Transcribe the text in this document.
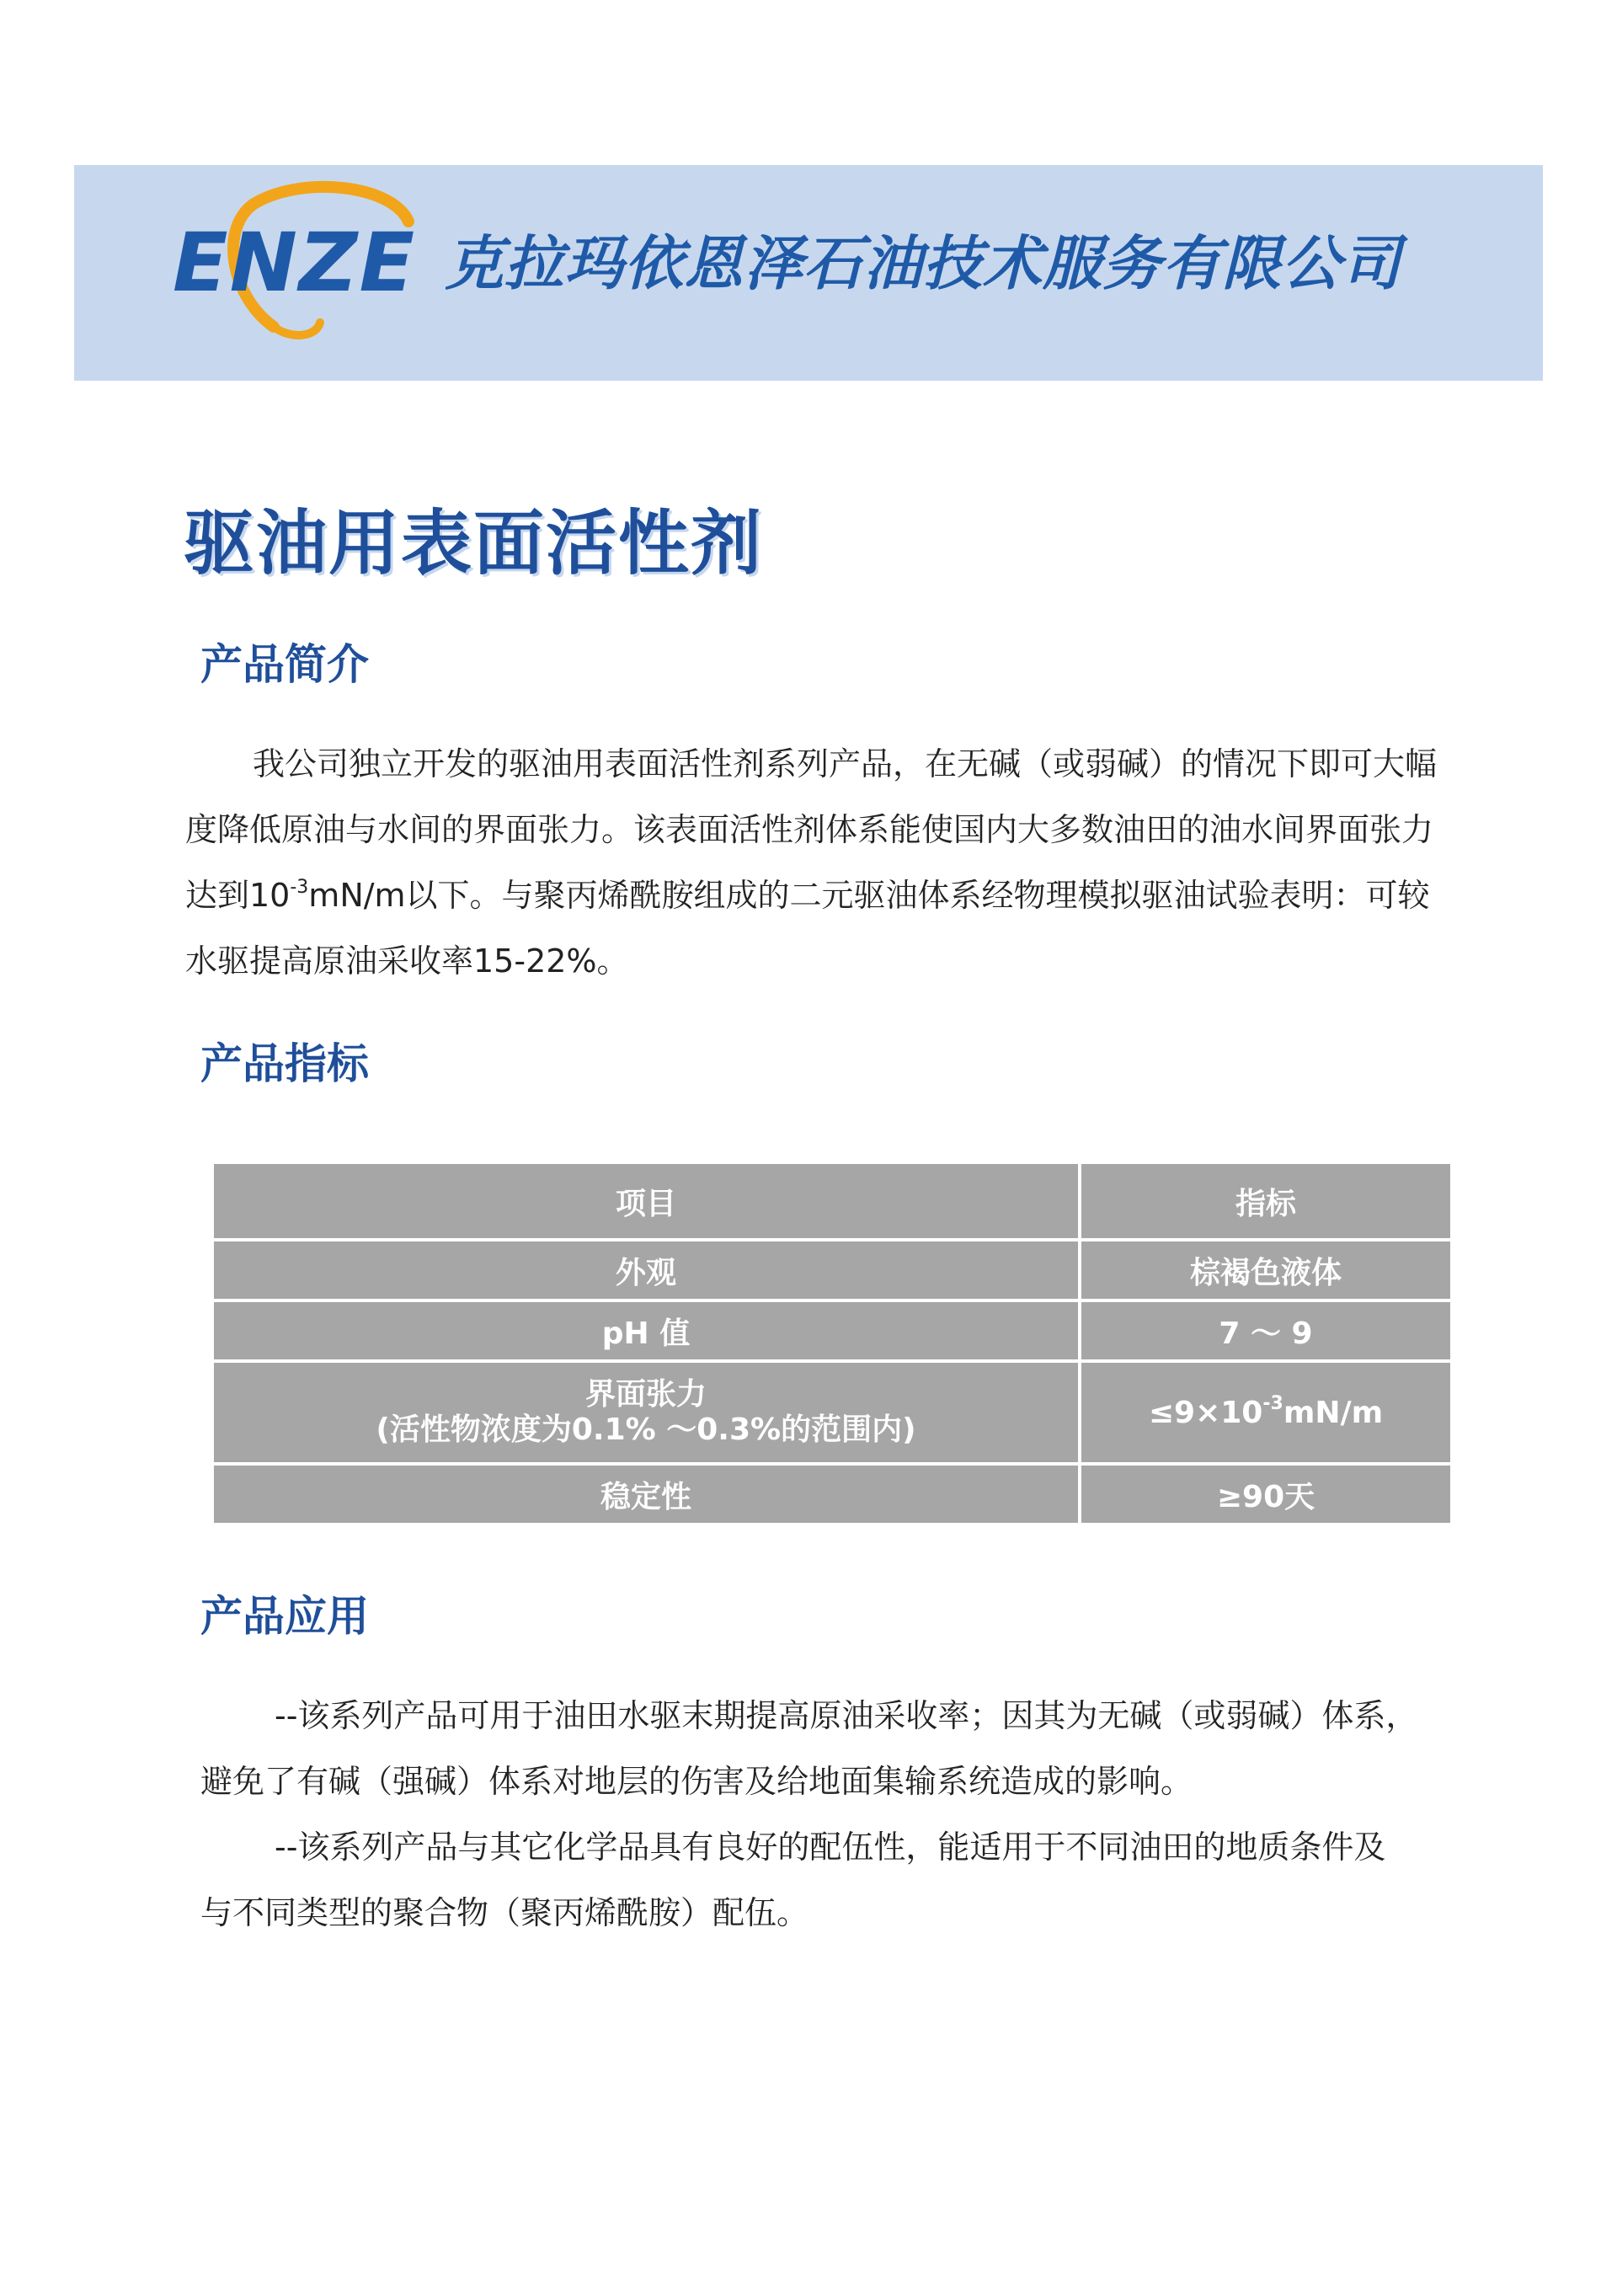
ENZE 克拉玛依恩泽石油技术服务有限公司
驱油用表面活性剂
产品简介
我公司独立开发的驱油用表面活性剂系列产品，在无碱（或弱碱）的情况下即可大幅
度降低原油与水间的界面张力。该表面活性剂体系能使国内大多数油田的油水间界面张力
达到$10^{-3}mN/m$以下。与聚丙烯酰胺组成的二元驱油体系经物理模拟驱油试验表明：可较
水驱提高原油采收率15-22%。
产品指标
项目	指标
外观	棕褐色液体
pH 值	7 ～ 9

界面张力
(活性物浓度为0.1% ～0.3%的范围内)	$\le 9\times 10^{-3}mN/m$
稳定性	≥90天
产品应用
--该系列产品可用于油田水驱末期提高原油采收率；因其为无碱（或弱碱）体系，
避免了有碱（强碱）体系对地层的伤害及给地面集输系统造成的影响。
--该系列产品与其它化学品具有良好的配伍性，能适用于不同油田的地质条件及
与不同类型的聚合物（聚丙烯酰胺）配伍。
